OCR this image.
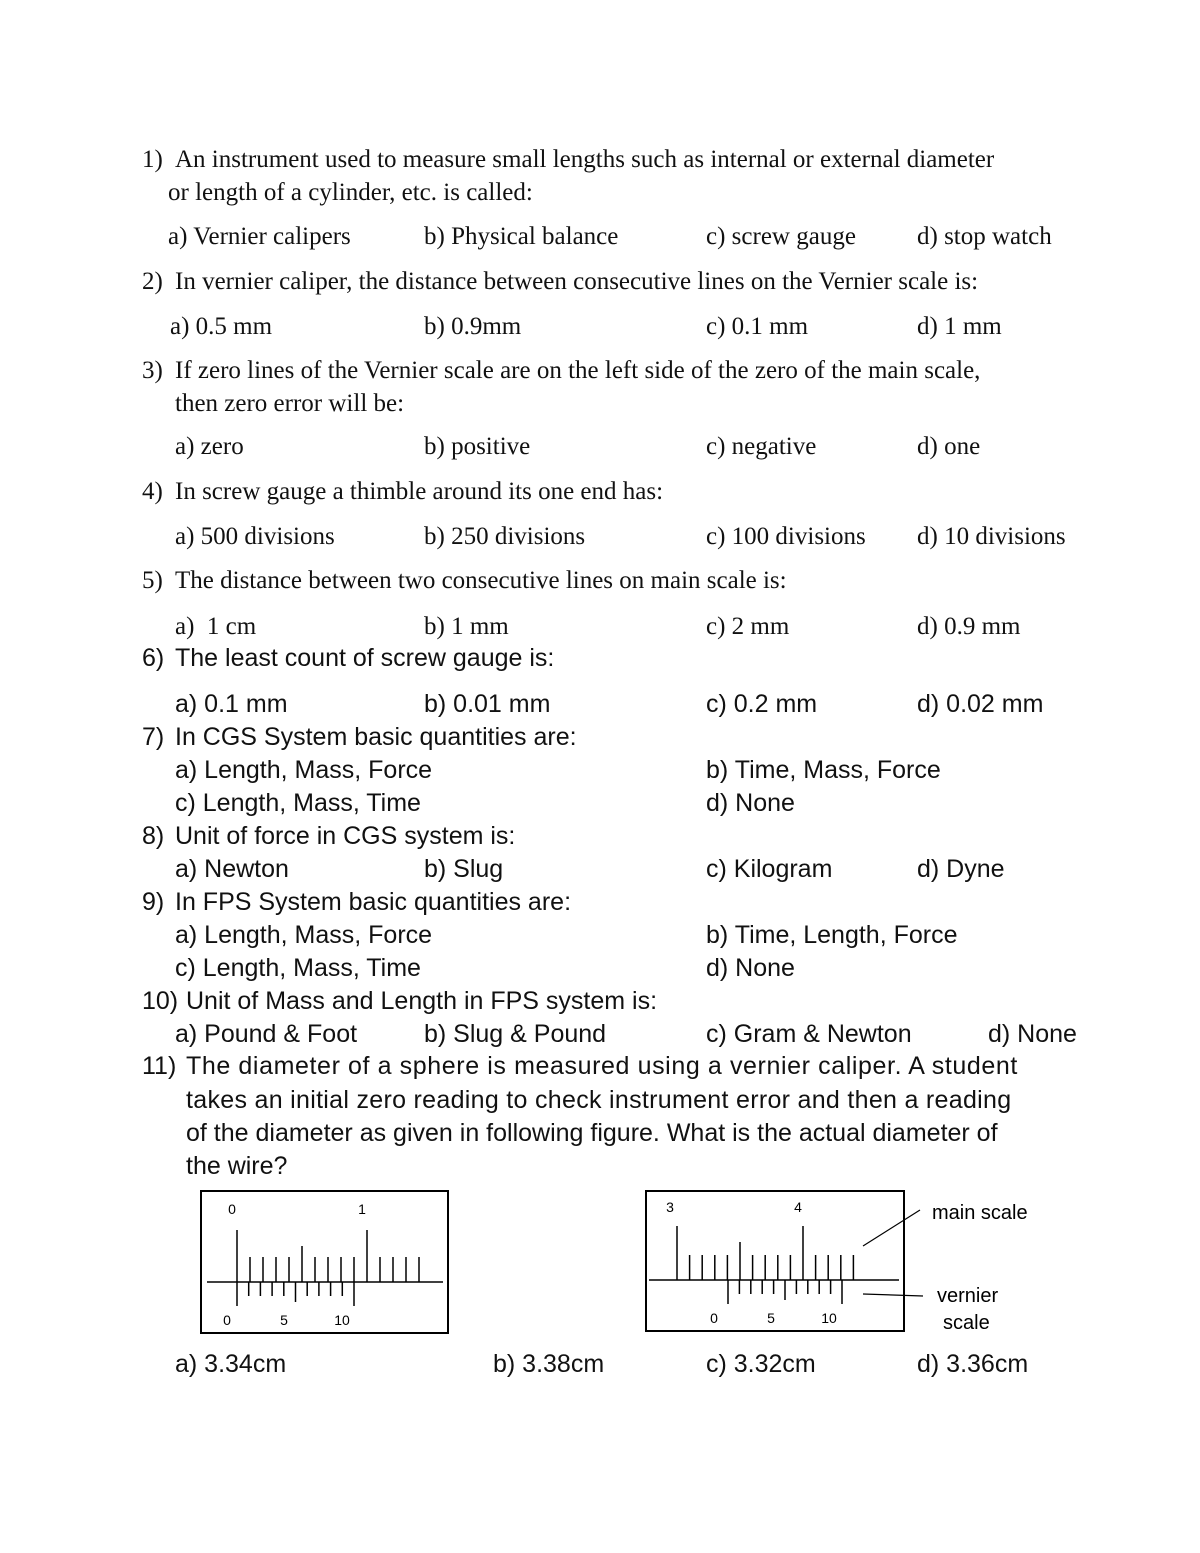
1) An instrument used to measure small lengths such as internal or external diameter
or length of a cylinder, etc. is called:
a) Vernier calipers	b) Physical balance	c) screw gauge d) stop watch
2) In vernier caliper, the distance between consecutive lines on the Vernier scale is:
a) 0.5 mm	b) 0.9mm	c) 0.1 mm	d) 1 mm
3) If zero lines of the Vernier scale are on the left side of the zero of the main scale,
then zero error will be:
a) zero	b) positive	c) negative	d) one
4) In screw gauge a thimble around its one end has:
a) 500 divisions	b) 250 divisions	c) 100 divisions d) 10 divisions
5) The distance between two consecutive lines on main scale is:
a)  1 cm	b) 1 mm	c) 2 mm	d) 0.9 mm
6) The least count of screw gauge is:
a) 0.1 mm	b) 0.01 mm	c) 0.2 mm	d) 0.02 mm
7) In CGS System basic quantities are:
a) Length, Mass, Force	b) Time, Mass, Force
c) Length, Mass, Time	d) None
8) Unit of force in CGS system is:
a) Newton	b) Slug	c) Kilogram	d) Dyne
9) In FPS System basic quantities are:
a) Length, Mass, Force	b) Time, Length, Force
c) Length, Mass, Time	d) None
10) Unit of Mass and Length in FPS system is:
a) Pound & Foot	b) Slug & Pound	c) Gram & Newton	d) None
11) The diameter of a sphere is measured using a vernier caliper. A student
takes an initial zero reading to check instrument error and then a reading
of the diameter as given in following figure. What is the actual diameter of
the wire?
a) 3.34cm	b) 3.38cm	c) 3.32cm	d) 3.36cm
0	1
0	5	10
3	4
0	5	10
main scale
vernier
scale
